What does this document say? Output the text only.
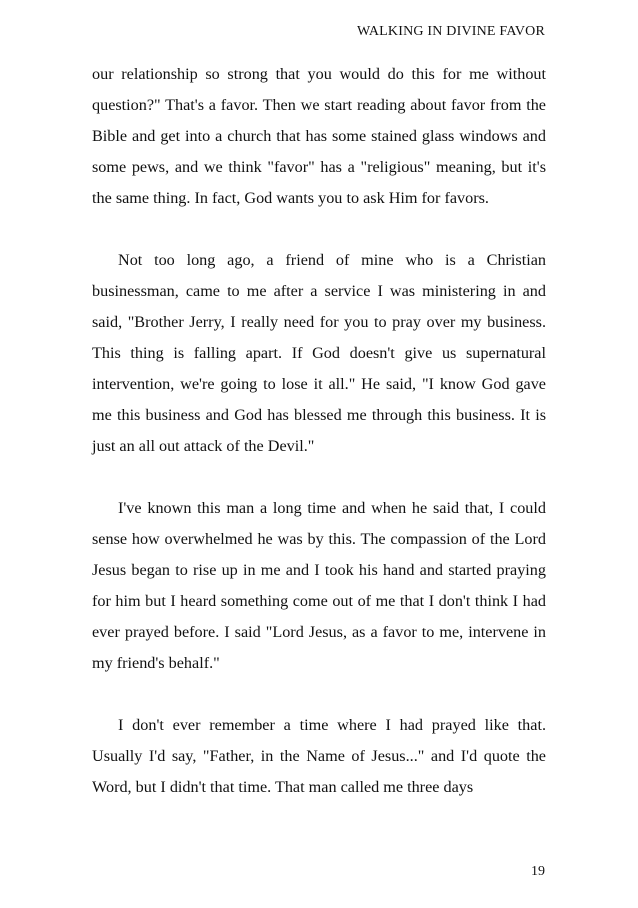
WALKING IN DIVINE FAVOR

our relationship so strong that you would do this for me without question?" That's a favor. Then we start reading about favor from the Bible and get into a church that has some stained glass windows and some pews, and we think "favor" has a "religious" meaning, but it's the same thing. In fact, God wants you to ask Him for favors.

Not too long ago, a friend of mine who is a Christian businessman, came to me after a service I was ministering in and said, "Brother Jerry, I really need for you to pray over my business. This thing is falling apart. If God doesn't give us supernatural intervention, we're going to lose it all." He said, "I know God gave me this business and God has blessed me through this business. It is just an all out attack of the Devil."

I've known this man a long time and when he said that, I could sense how overwhelmed he was by this. The compassion of the Lord Jesus began to rise up in me and I took his hand and started praying for him but I heard something come out of me that I don't think I had ever prayed before. I said "Lord Jesus, as a favor to me, intervene in my friend's behalf."

I don't ever remember a time where I had prayed like that. Usually I'd say, "Father, in the Name of Jesus..." and I'd quote the Word, but I didn't that time. That man called me three days

19
